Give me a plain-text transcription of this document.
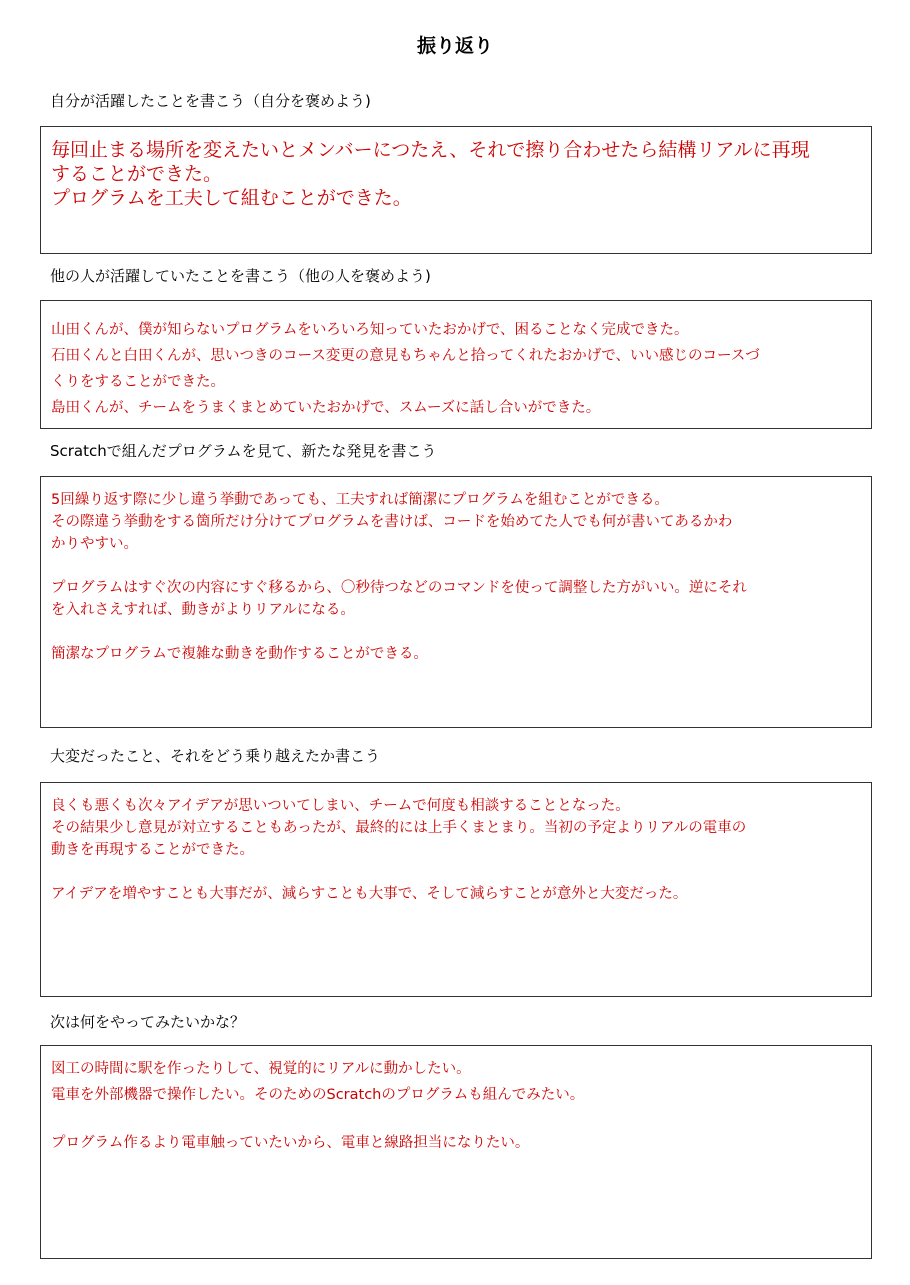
振り返り
自分が活躍したことを書こう（自分を褒めよう)
毎回止まる場所を変えたいとメンバーにつたえ、それで擦り合わせたら結構リアルに再現
することができた。
プログラムを工夫して組むことができた。
他の人が活躍していたことを書こう（他の人を褒めよう)
山田くんが、僕が知らないプログラムをいろいろ知っていたおかげで、困ることなく完成できた。
石田くんと白田くんが、思いつきのコース変更の意見もちゃんと拾ってくれたおかげで、いい感じのコースづ
くりをすることができた。
島田くんが、チームをうまくまとめていたおかげで、スムーズに話し合いができた。
Scratchで組んだプログラムを見て、新たな発見を書こう
5回繰り返す際に少し違う挙動であっても、工夫すれば簡潔にプログラムを組むことができる。
その際違う挙動をする箇所だけ分けてプログラムを書けば、コードを始めてた人でも何が書いてあるかわ
かりやすい。
プログラムはすぐ次の内容にすぐ移るから、〇秒待つなどのコマンドを使って調整した方がいい。逆にそれ
を入れさえすれば、動きがよりリアルになる。
簡潔なプログラムで複雑な動きを動作することができる。
大変だったこと、それをどう乗り越えたか書こう
良くも悪くも次々アイデアが思いついてしまい、チームで何度も相談することとなった。
その結果少し意見が対立することもあったが、最終的には上手くまとまり。当初の予定よりリアルの電車の
動きを再現することができた。
アイデアを増やすことも大事だが、減らすことも大事で、そして減らすことが意外と大変だった。
次は何をやってみたいかな？
図工の時間に駅を作ったりして、視覚的にリアルに動かしたい。
電車を外部機器で操作したい。そのためのScratchのプログラムも組んでみたい。
プログラム作るより電車触っていたいから、電車と線路担当になりたい。
